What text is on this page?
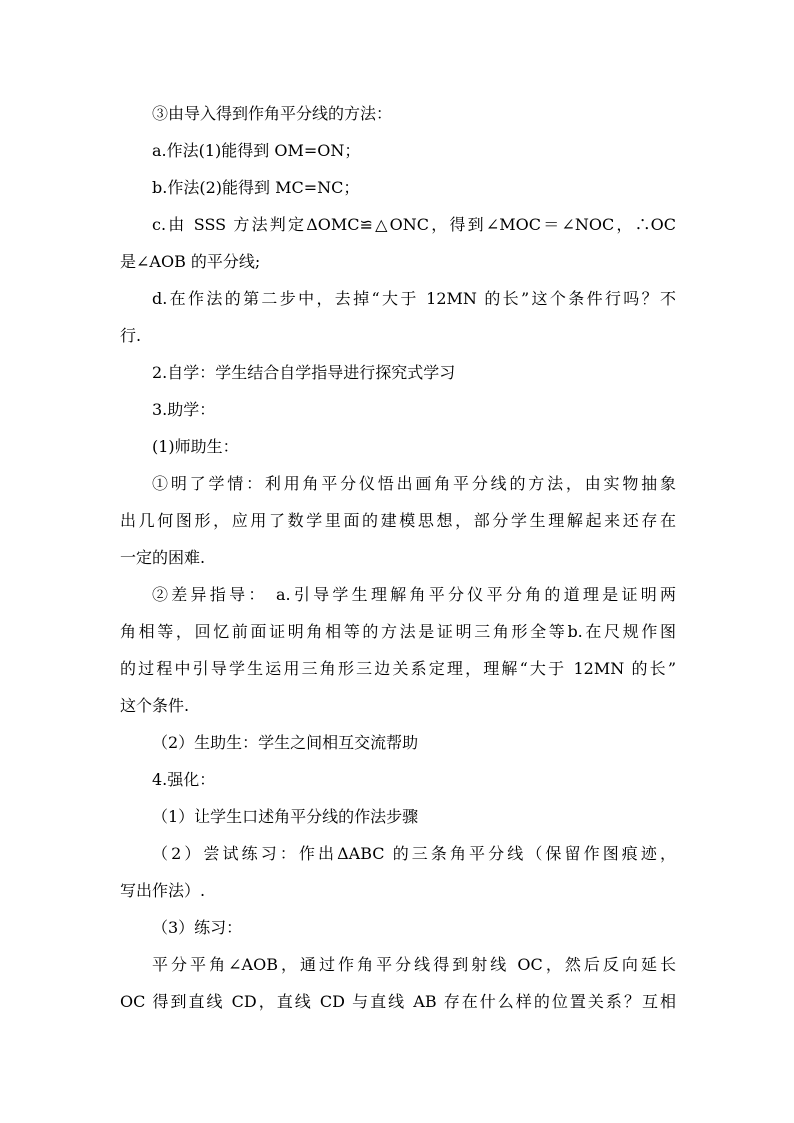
③由导入得到作角平分线的方法：
a.作法(1)能得到 OM=ON；
b.作法(2)能得到 MC=NC；
c.由 SSS 方法判定ΔOMC≌△ONC，得到∠MOC＝∠NOC，∴OC
是∠AOB 的平分线;
d.在作法的第二步中，去掉“大于 12MN 的长”这个条件行吗？不
行.
2.自学：学生结合自学指导进行探究式学习
3.助学：
(1)师助生：
①明了学情：利用角平分仪悟出画角平分线的方法，由实物抽象
出几何图形，应用了数学里面的建模思想，部分学生理解起来还存在
一定的困难.
②差异指导： a.引导学生理解角平分仪平分角的道理是证明两
角相等，回忆前面证明角相等的方法是证明三角形全等b.在尺规作图
的过程中引导学生运用三角形三边关系定理，理解“大于 12MN 的长”
这个条件.
（2）生助生：学生之间相互交流帮助
4.强化：
（1）让学生口述角平分线的作法步骤
（2）尝试练习：作出ΔABC 的三条角平分线（保留作图痕迹，
写出作法）.
（3）练习：
平分平角∠AOB，通过作角平分线得到射线 OC，然后反向延长
OC 得到直线 CD，直线 CD 与直线 AB 存在什么样的位置关系？互相
